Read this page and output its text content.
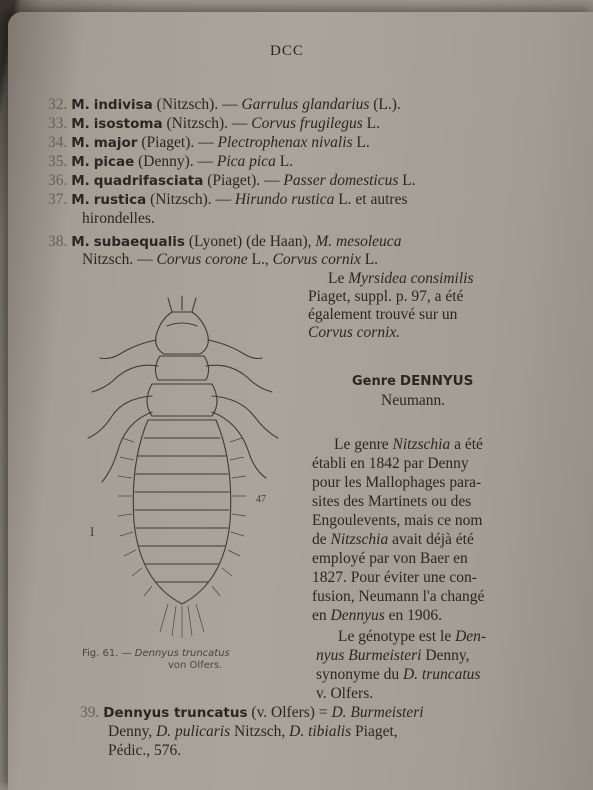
DCC
32. M. indivisa (Nitzsch). — Garrulus glandarius (L.).
33. M. isostoma (Nitzsch). — Corvus frugilegus L.
34. M. major (Piaget). — Plectrophenax nivalis L.
35. M. picae (Denny). — Pica pica L.
36. M. quadrifasciata (Piaget). — Passer domesticus L.
37. M. rustica (Nitzsch). — Hirundo rustica L. et autres
hirondelles.
38. M. subaequalis (Lyonet) (de Haan), M. mesoleuca
Nitzsch. — Corvus corone L., Corvus cornix L.
Le Myrsidea consimilis
Piaget, suppl. p. 97, a été
également trouvé sur un
Corvus cornix.
Genre DENNYUS
Neumann.
Le genre Nitzschia a été
établi en 1842 par Denny
pour les Mallophages para-
sites des Martinets ou des
Engoulevents, mais ce nom
de Nitzschia avait déjà été
employé par von Baer en
1827. Pour éviter une con-
fusion, Neumann l'a changé
en Dennyus en 1906.
Le génotype est le Den-
nyus Burmeisteri Denny,
synonyme du D. truncatus
v. Olfers.
I
47
Fig. 61. — Dennyus truncatus
von Olfers.
39. Dennyus truncatus (v. Olfers) = D. Burmeisteri
Denny, D. pulicaris Nitzsch, D. tibialis Piaget,
Pédic., 576.
